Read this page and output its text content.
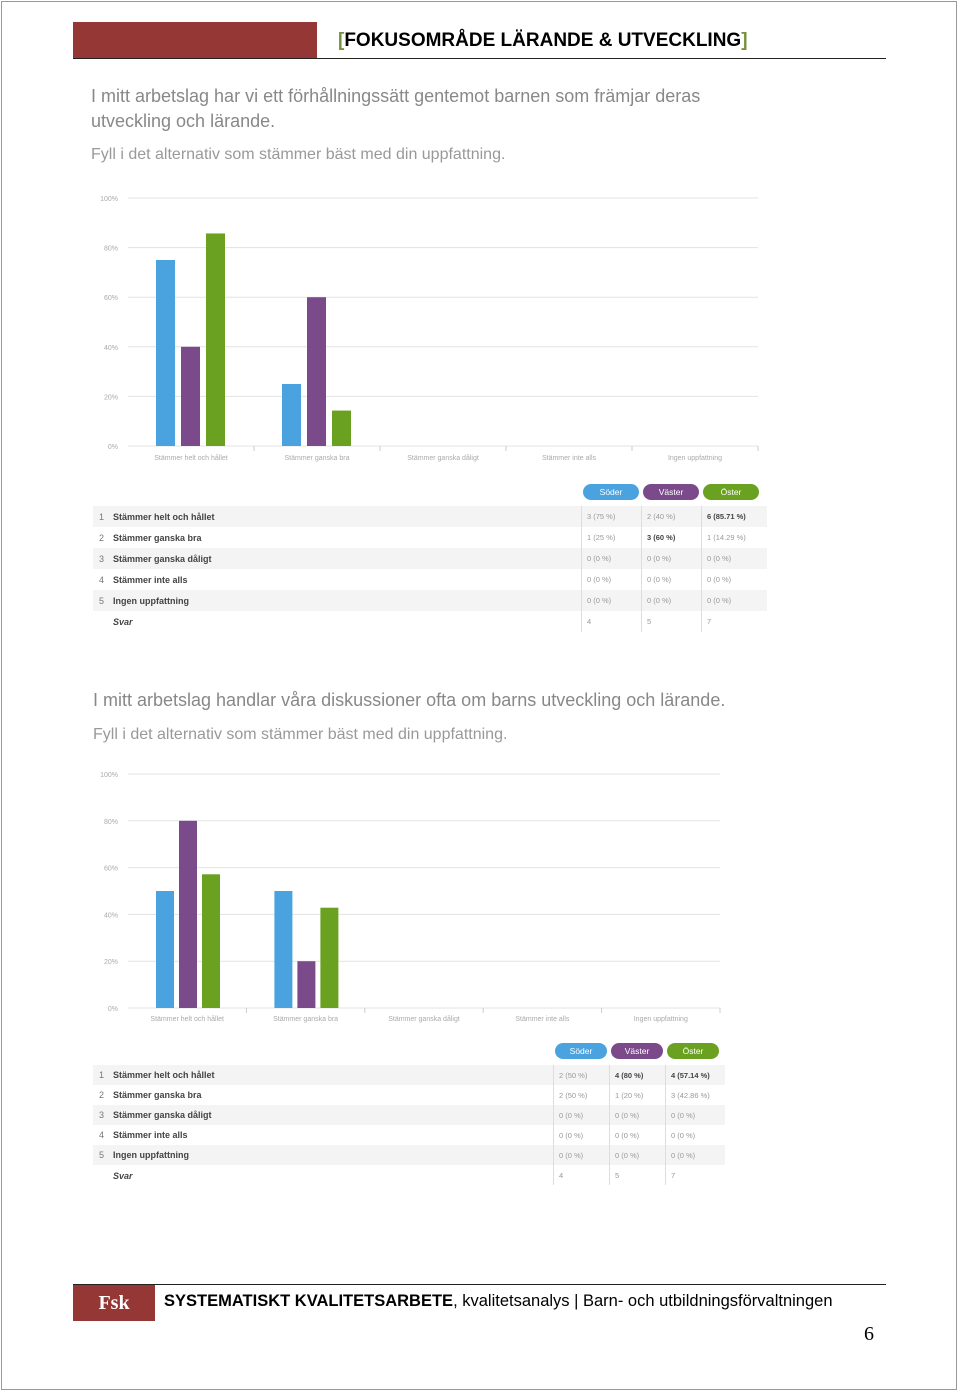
[FOKUSOMRÅDE LÄRANDE & UTVECKLING]
I mitt arbetslag har vi ett förhållningssätt gentemot barnen som främjar deras utveckling och lärande.
Fyll i det alternativ som stämmer bäst med din uppfattning.
0%
20%
40%
60%
80%
100%
Stämmer helt och hållet	Stämmer ganska bra	Stämmer ganska dåligt	Stämmer inte alls	Ingen uppfattning
Söder	Väster	Öster
1 Stämmer helt och hållet	3 (75 %)	2 (40 %)	6 (85.71 %)
2 Stämmer ganska bra	1 (25 %)	3 (60 %)	1 (14.29 %)
3 Stämmer ganska dåligt	0 (0 %)	0 (0 %)	0 (0 %)
4 Stämmer inte alls	0 (0 %)	0 (0 %)	0 (0 %)
5 Ingen uppfattning	0 (0 %)	0 (0 %)	0 (0 %)
Svar	4	5	7
I mitt arbetslag handlar våra diskussioner ofta om barns utveckling och lärande.
Fyll i det alternativ som stämmer bäst med din uppfattning.
0%
20%
40%
60%
80%
100%
Stämmer helt och hållet	Stämmer ganska bra	Stämmer ganska dåligt	Stämmer inte alls	Ingen uppfattning
Söder	Väster	Öster
1 Stämmer helt och hållet	2 (50 %)	4 (80 %)	4 (57.14 %)
2 Stämmer ganska bra	2 (50 %)	1 (20 %)	3 (42.86 %)
3 Stämmer ganska dåligt	0 (0 %)	0 (0 %)	0 (0 %)
4 Stämmer inte alls	0 (0 %)	0 (0 %)	0 (0 %)
5 Ingen uppfattning	0 (0 %)	0 (0 %)	0 (0 %)
Svar	4	5	7
Fsk	SYSTEMATISKT KVALITETSARBETE, kvalitetsanalys | Barn- och utbildningsförvaltningen
6
